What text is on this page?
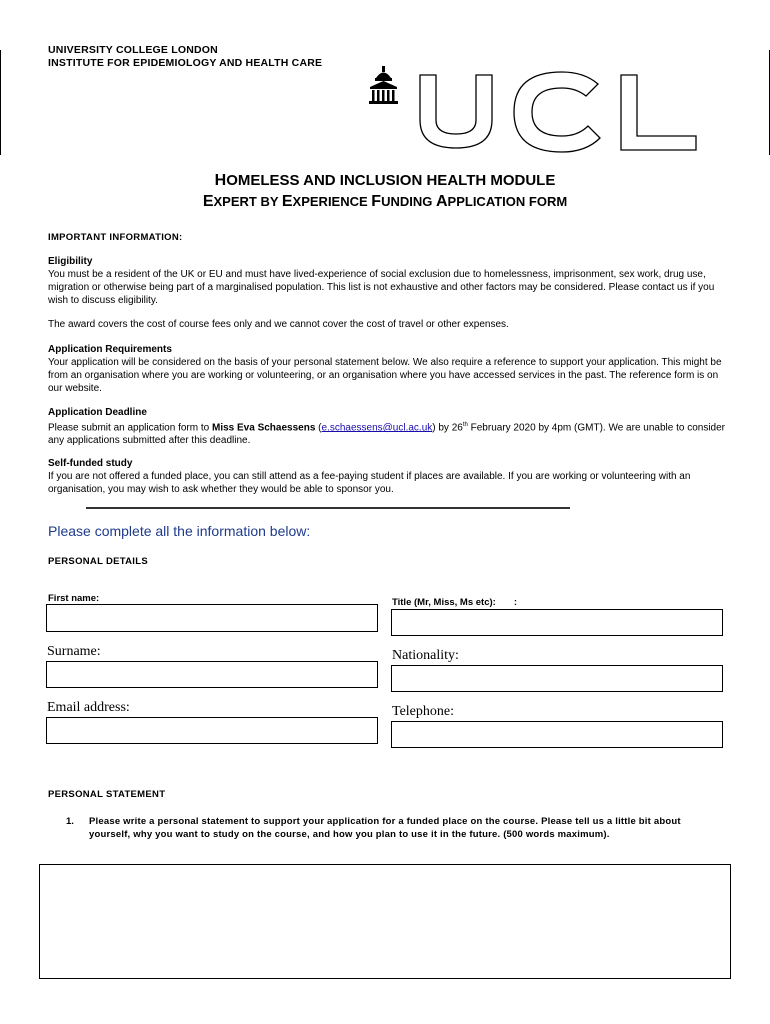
UNIVERSITY COLLEGE LONDON
INSTITUTE FOR EPIDEMIOLOGY AND HEALTH CARE
HOMELESS AND INCLUSION HEALTH MODULE
EXPERT BY EXPERIENCE FUNDING APPLICATION FORM
IMPORTANT INFORMATION:
Eligibility

You must be a resident of the UK or EU and must have lived-experience of social exclusion due to homelessness, imprisonment, sex work, drug use, migration or otherwise being part of a marginalised population. This list is not exhaustive and other factors may be considered. Please contact us if you wish to discuss eligibility.

The award covers the cost of course fees only and we cannot cover the cost of travel or other expenses.
Application Requirements

Your application will be considered on the basis of your personal statement below. We also require a reference to support your application. This might be from an organisation where you are working or volunteering, or an organisation where you have accessed services in the past. The reference form is on our website.

Application Deadline

Please submit an application form to Miss Eva Schaessens (e.schaessens@ucl.ac.uk) by 26th February 2020 by 4pm (GMT). We are unable to consider any applications submitted after this deadline.

Self-funded study

If you are not offered a funded place, you can still attend as a fee-paying student if places are available. If you are working or volunteering with an organisation, you may wish to ask whether they would be able to sponsor you.

Please complete all the information below:
PERSONAL DETAILS
First name:	Title (Mr, Miss, Ms etc): :
Surname:	Nationality:
Email address:	Telephone:
PERSONAL STATEMENT
1. Please write a personal statement to support your application for a funded place on the course. Please tell us a little bit about yourself, why you want to study on the course, and how you plan to use it in the future. (500 words maximum).
